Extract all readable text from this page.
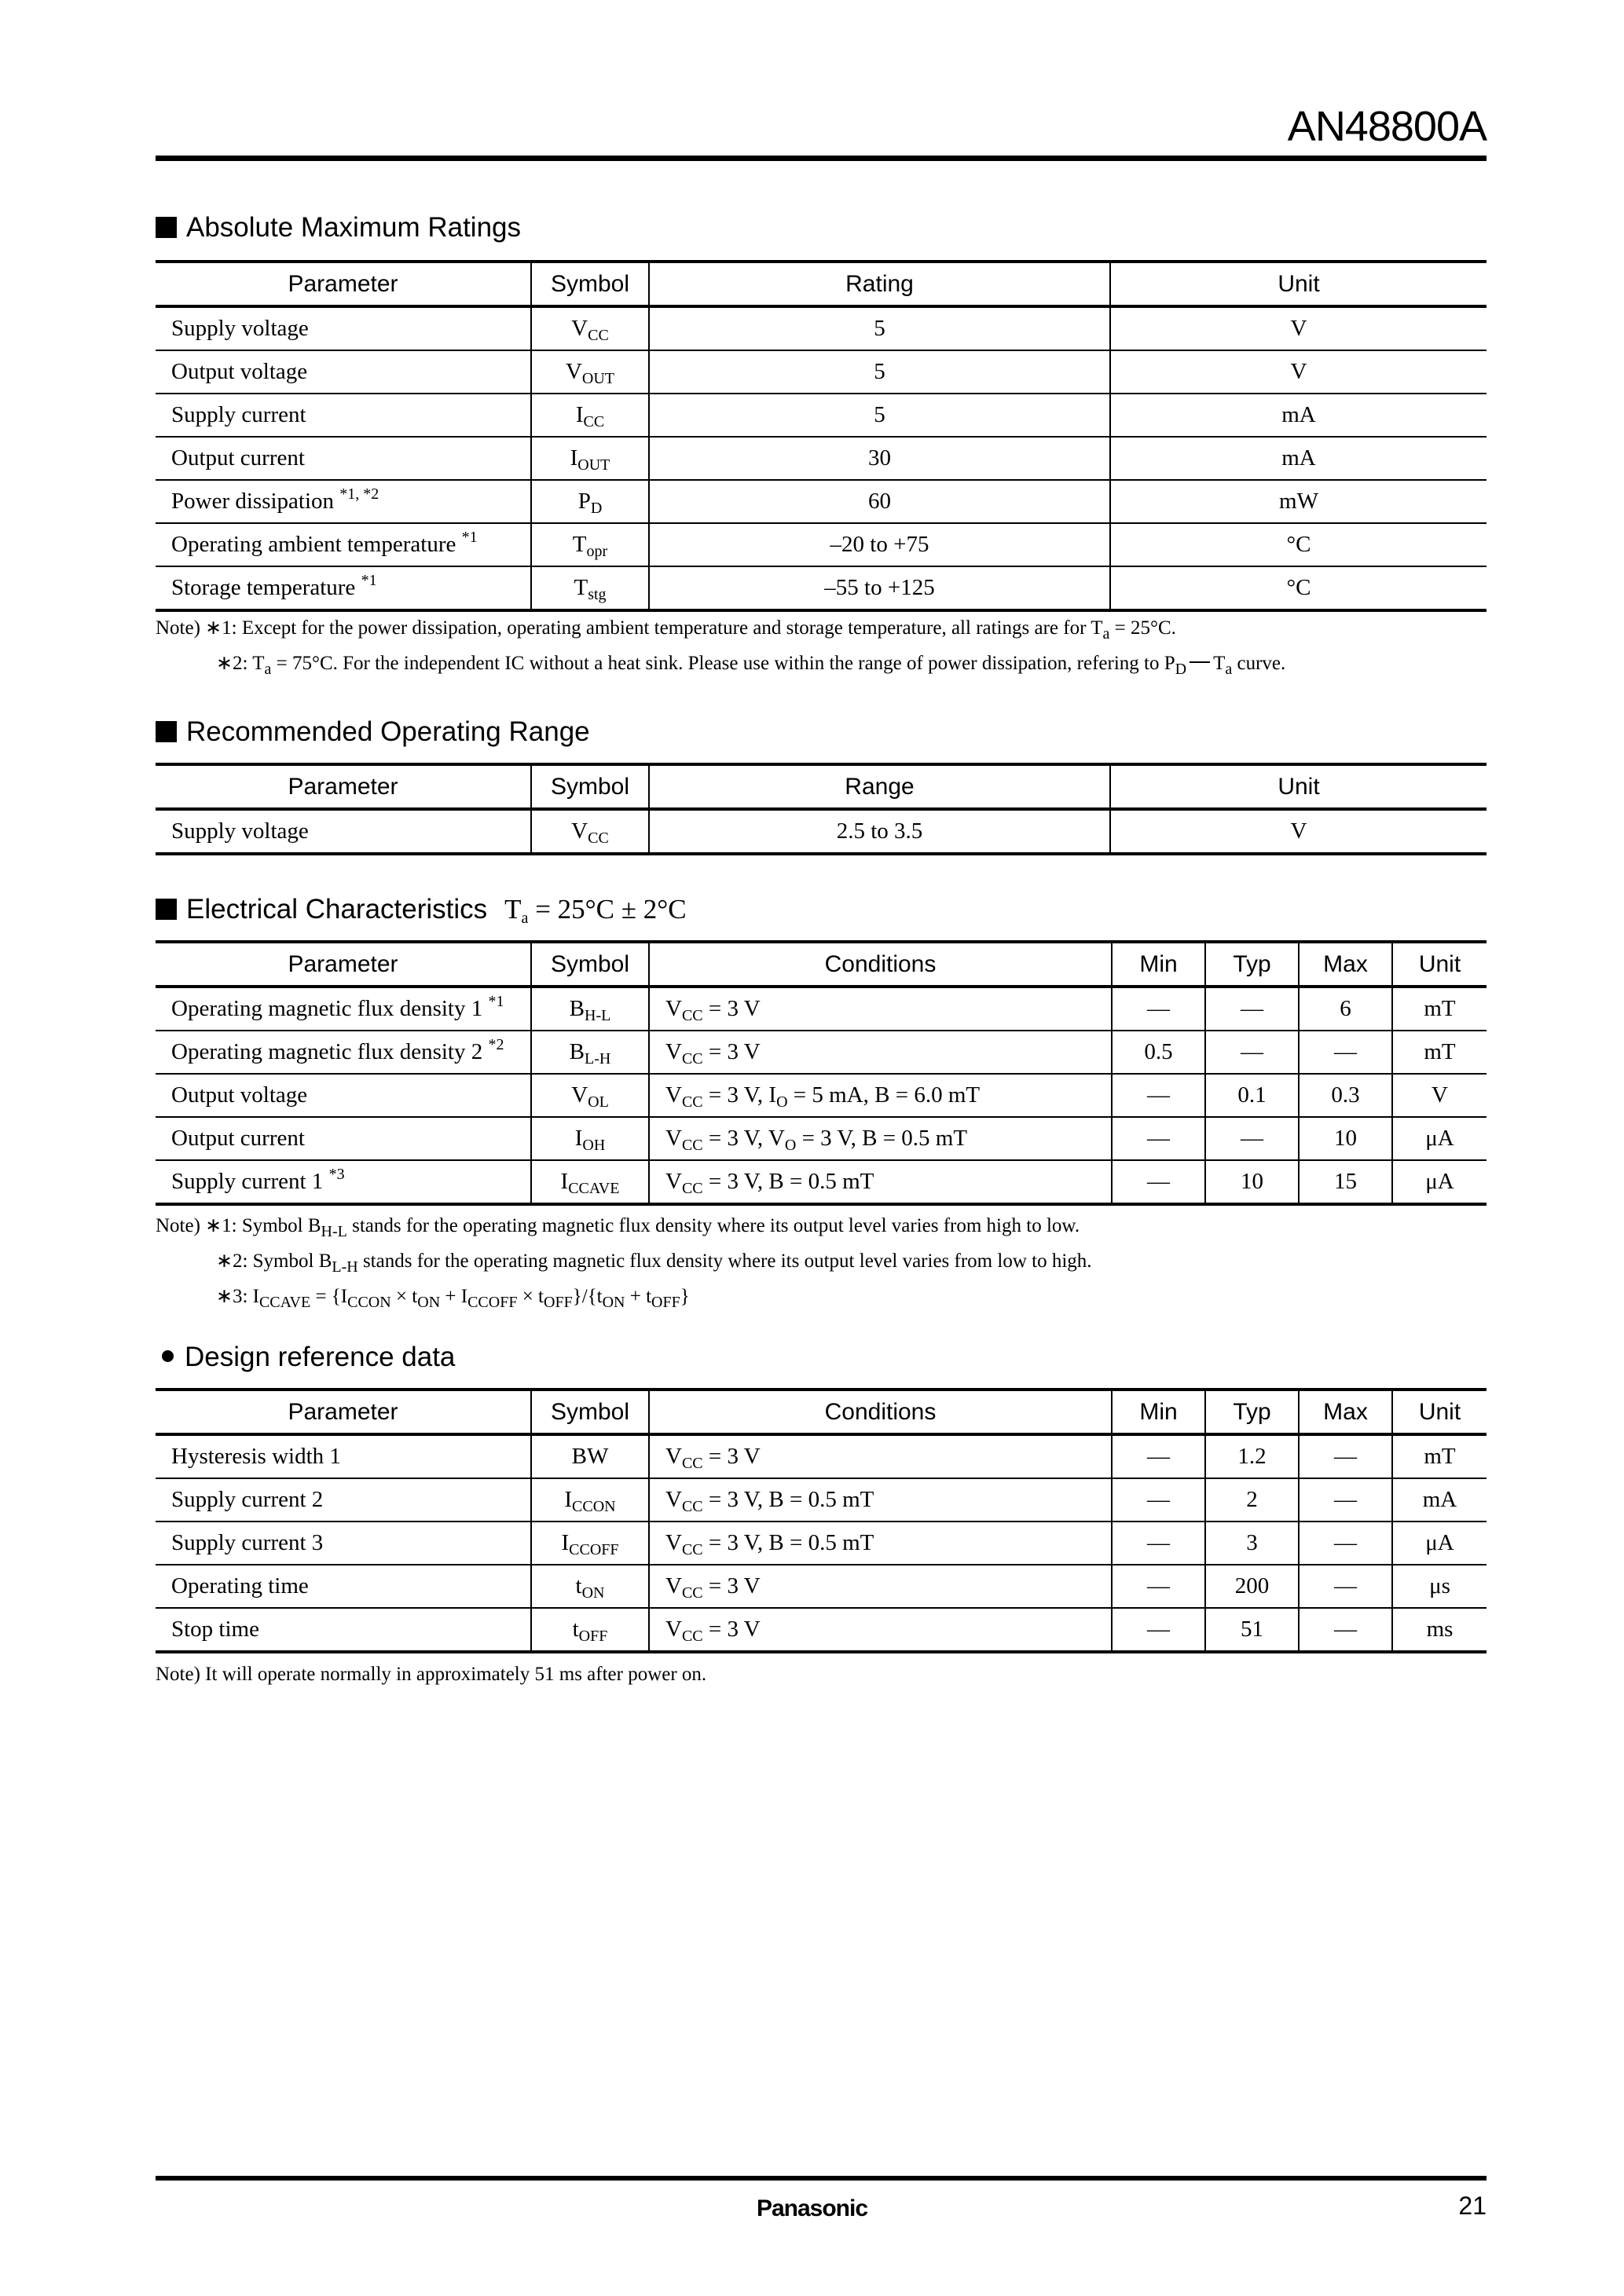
AN48800A
Absolute Maximum Ratings
Parameter	Symbol	Rating	Unit
Supply voltage	$V_{CC}$	5	V
Output voltage	$V_{OUT}$	5	V
Supply current	$I_{CC}$	5	mA
Output current	$I_{OUT}$	30	mA
Power dissipation $^{*1, *2}$	$P_D$	60	mW
Operating ambient temperature $^{*1}$	$T_{opr}$	–20 to +75	°C
Storage temperature $^{*1}$	$T_{stg}$	–55 to +125	°C
Note) ∗1: Except for the power dissipation, operating ambient temperature and storage temperature, all ratings are for $T_a = 25^\circ C$.
∗2: $T_a = 75^\circ C$. For the independent IC without a heat sink. Please use within the range of power dissipation, refering to $P_D$ $T_a$ curve.
Recommended Operating Range
Parameter	Symbol	Range	Unit
Supply voltage	$V_{CC}$	2.5 to 3.5	V
Electrical Characteristics $T_a = 25^\circ C \pm 2^\circ C$
Parameter	Symbol	Conditions	Min	Typ	Max	Unit
Operating magnetic flux density 1 $^{*1}$	$B_{H-L}$	$V_{CC} = 3$ V	—	—	6	mT
Operating magnetic flux density 2 $^{*2}$	$B_{L-H}$	$V_{CC} = 3$ V	0.5	—	—	mT
Output voltage	$V_{OL}$	$V_{CC} = 3$ V, $I_O = 5$ mA, B = 6.0 mT	—	0.1	0.3	V
Output current	$I_{OH}$	$V_{CC} = 3$ V, $V_O = 3$ V, B = 0.5 mT	—	—	10	μA
Supply current 1 $^{*3}$	$I_{CCAVE}$	$V_{CC} = 3$ V, B = 0.5 mT	—	10	15	μA
Note) ∗1: Symbol $B_{H-L}$ stands for the operating magnetic flux density where its output level varies from high to low.
∗2: Symbol $B_{L-H}$ stands for the operating magnetic flux density where its output level varies from low to high.
∗3: $I_{CCAVE} = \{I_{CCON} \times t_{ON} + I_{CCOFF} \times t_{OFF}\}/\{t_{ON} + t_{OFF}\}$
Design reference data
Parameter	Symbol	Conditions	Min	Typ	Max	Unit
Hysteresis width 1	BW	$V_{CC} = 3$ V	—	1.2	—	mT
Supply current 2	$I_{CCON}$	$V_{CC} = 3$ V, B = 0.5 mT	—	2	—	mA
Supply current 3	$I_{CCOFF}$	$V_{CC} = 3$ V, B = 0.5 mT	—	3	—	μA
Operating time	$t_{ON}$	$V_{CC} = 3$ V	—	200	—	μs
Stop time	$t_{OFF}$	$V_{CC} = 3$ V	—	51	—	ms
Note) It will operate normally in approximately 51 ms after power on.
Panasonic	21
